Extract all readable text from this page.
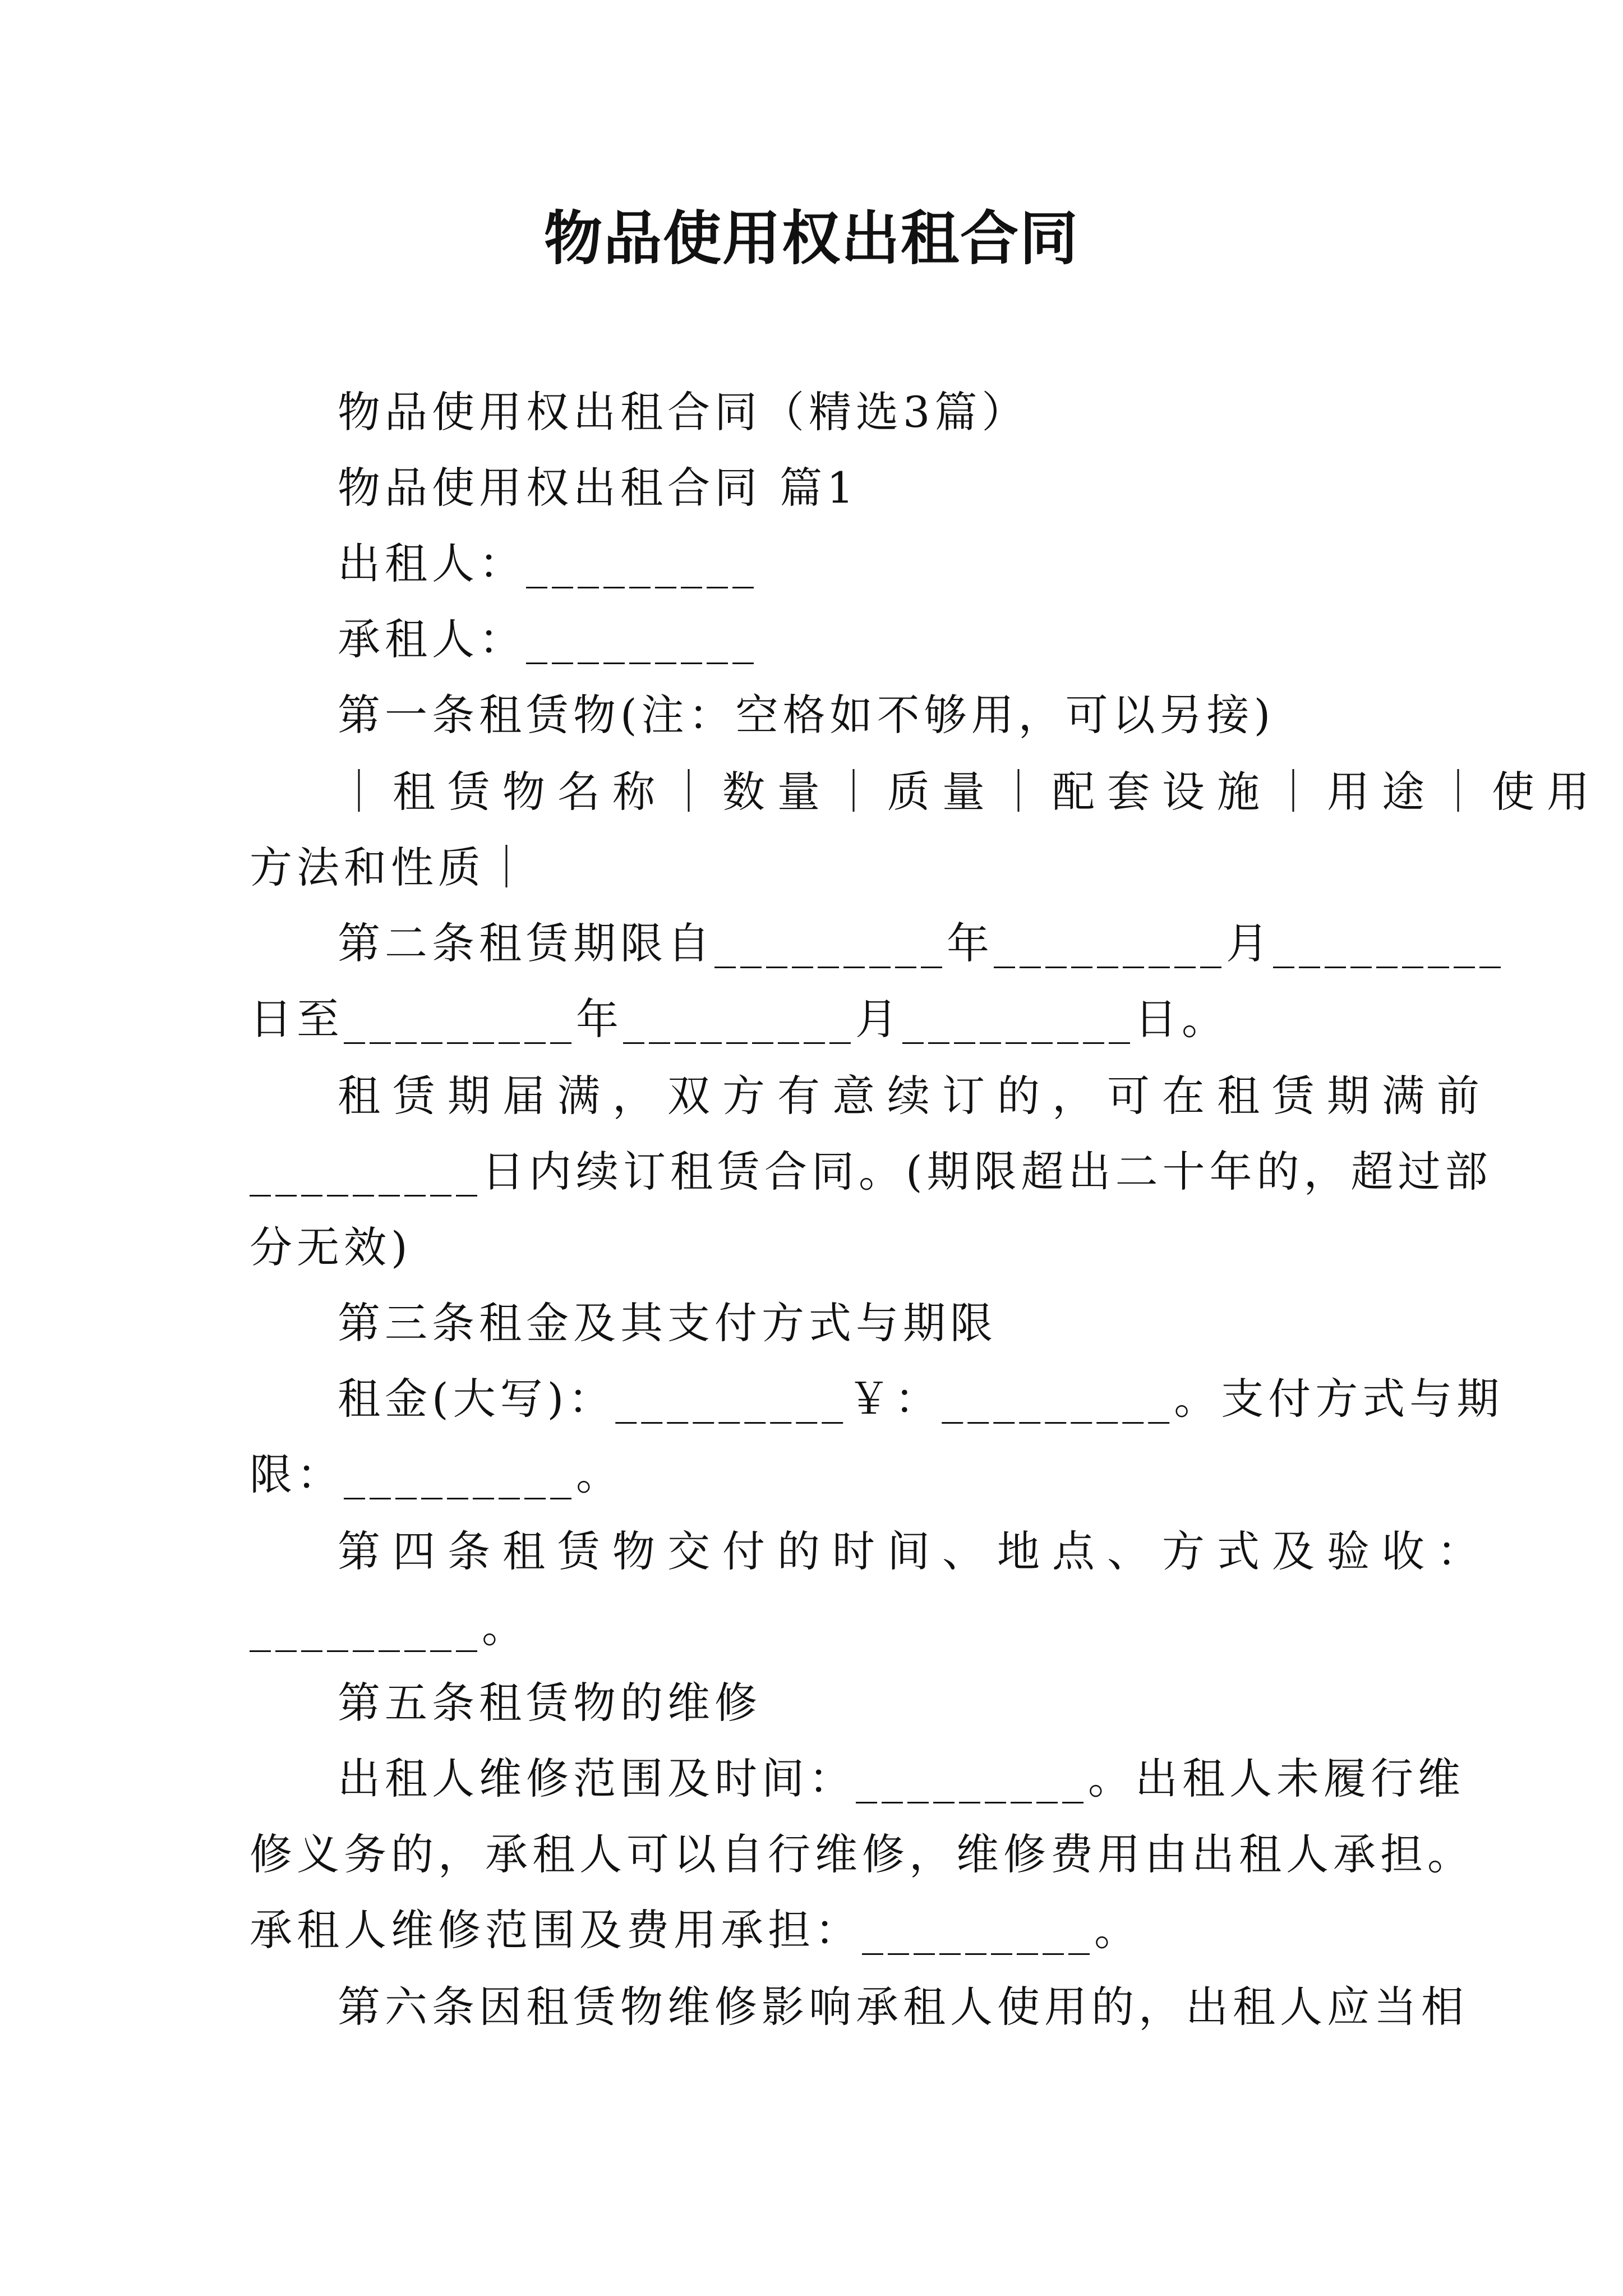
物品使用权出租合同

物品使用权出租合同（精选3篇）

物品使用权出租合同 篇1

出租人：_________

承租人：_________

第一条租赁物(注：空格如不够用，可以另接)

｜租赁物名称｜数量｜质量｜配套设施｜用途｜使用

方法和性质｜

第二条租赁期限自_________年_________月_________

日至_________年_________月_________日。

租赁期届满，双方有意续订的，可在租赁期满前

_________日内续订租赁合同。(期限超出二十年的，超过部

分无效)

第三条租金及其支付方式与期限

租金(大写)：_________￥：_________。支付方式与期

限：_________。

第四条租赁物交付的时间、地点、方式及验收：

_________。

第五条租赁物的维修

出租人维修范围及时间：_________。出租人未履行维

修义务的，承租人可以自行维修，维修费用由出租人承担。

承租人维修范围及费用承担：_________。

第六条因租赁物维修影响承租人使用的，出租人应当相
